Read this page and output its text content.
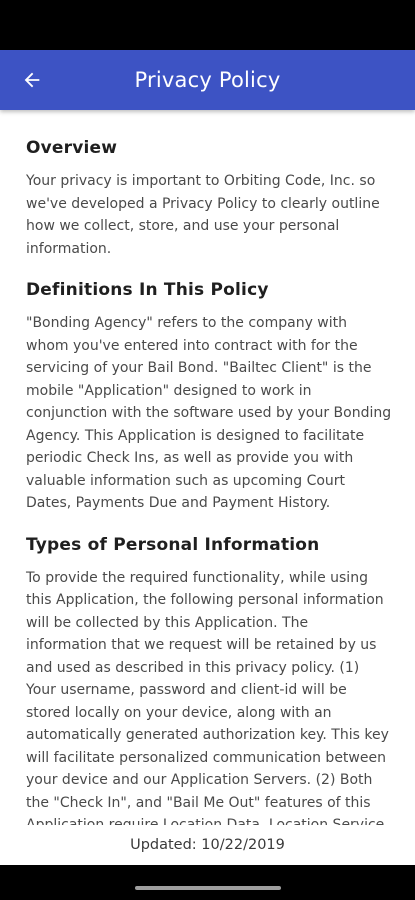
Privacy Policy
Overview

Your privacy is important to Orbiting Code, Inc. so we've developed a Privacy Policy to clearly outline how we collect, store, and use your personal information.

Definitions In This Policy

"Bonding Agency" refers to the company with whom you've entered into contract with for the servicing of your Bail Bond. "Bailtec Client" is the mobile "Application" designed to work in conjunction with the software used by your Bonding Agency. This Application is designed to facilitate periodic Check Ins, as well as provide you with valuable information such as upcoming Court Dates, Payments Due and Payment History.

Types of Personal Information

To provide the required functionality, while using this Application, the following personal information will be collected by this Application. The information that we request will be retained by us and used as described in this privacy policy. (1) Your username, password and client-id will be stored locally on your device, along with an automatically generated authorization key. This key will facilitate personalized communication between your device and our Application Servers. (2) Both the "Check In", and "Bail Me Out" features of this

Updated: 10/22/2019
